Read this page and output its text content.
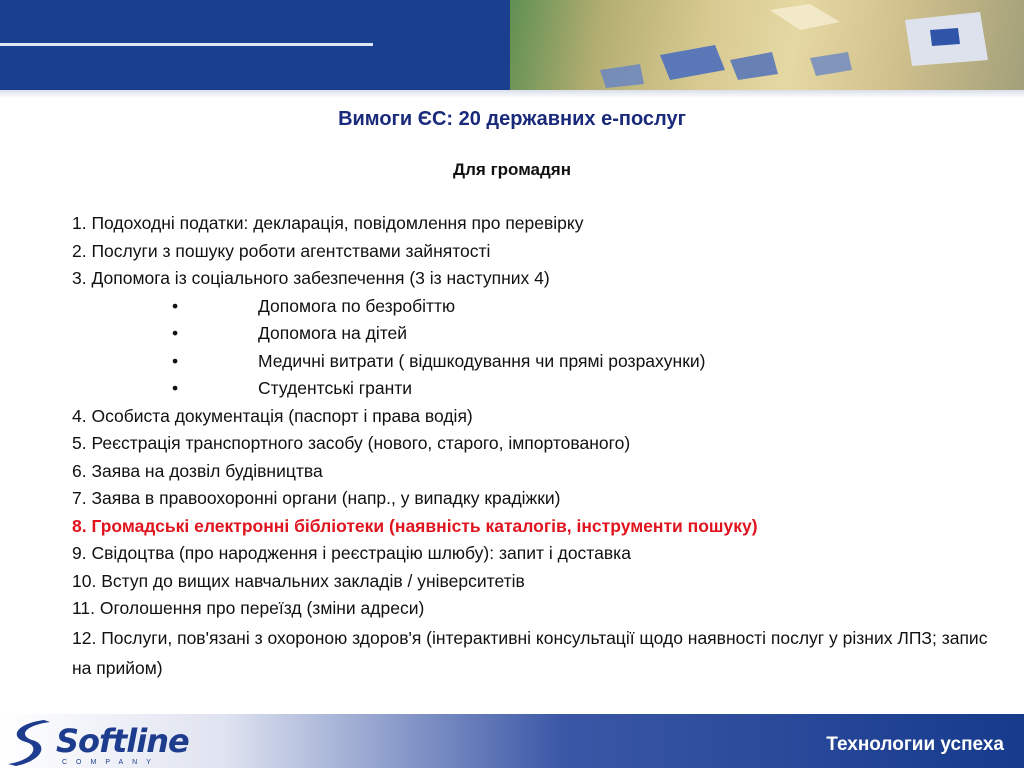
Вимоги ЄС: 20 державних е-послуг
Для громадян
1. Подоходні податки: декларація, повідомлення про перевірку
2. Послуги з пошуку роботи агентствами зайнятості
3. Допомога із соціального забезпечення (3 із наступних 4)
•	Допомога по безробіттю
•	Допомога на дітей
•	Медичні витрати ( відшкодування чи прямі розрахунки)
•	Студентські гранти
4. Особиста документація (паспорт і права водія)
5. Реєстрація транспортного засобу (нового, старого, імпортованого)
6. Заява на дозвіл будівництва
7. Заява в правоохоронні органи (напр., у випадку крадіжки)
8. Громадські електронні бібліотеки (наявність каталогів, інструменти пошуку)
9. Свідоцтва (про народження і реєстрацію шлюбу): запит і доставка
10. Вступ до вищих навчальних закладів / університетів
11. Оголошення про переїзд (зміни адреси)
12. Послуги, пов'язані з охороною здоров'я (інтерактивні консультації щодо наявності послуг у різних ЛПЗ; запис на прийом)
Softline
COMPANY
Технологии успеха
